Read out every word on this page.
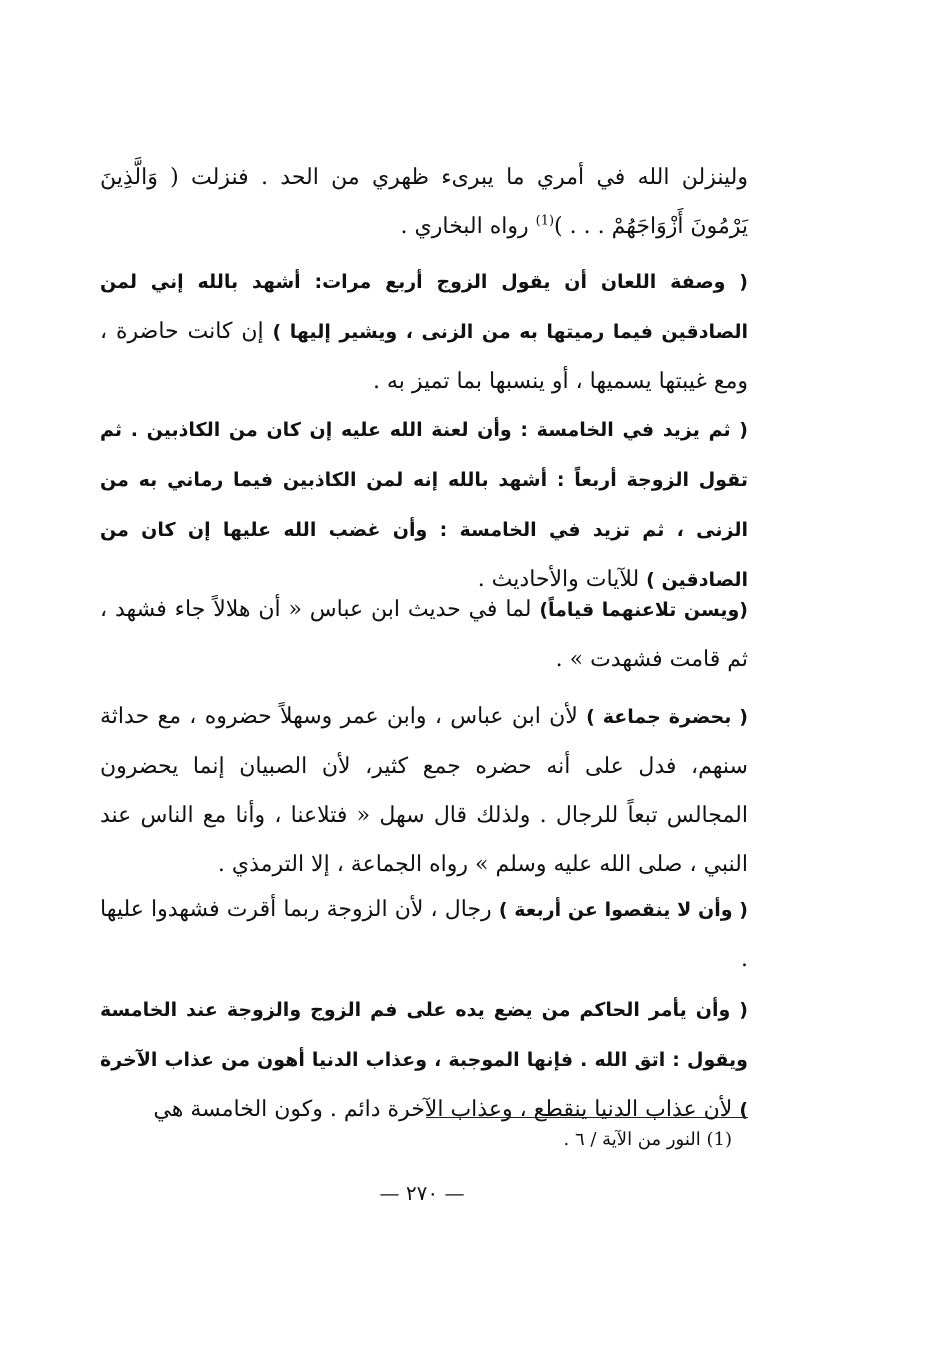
ولينزلن الله في أمري ما يبرىء ظهري من الحد . فنزلت ( وَالَّذِينَ يَرْمُونَ أَزْوَاجَهُمْ . . . )$^{(1)}$ رواه البخاري .
( وصفة اللعان أن يقول الزوج أربع مرات: أشهد بالله إني لمن الصادقين فيما رميتها به من الزنى ، ويشير إليها ) إن كانت حاضرة ، ومع غيبتها يسميها ، أو ينسبها بما تميز به .
( ثم يزيد في الخامسة : وأن لعنة الله عليه إن كان من الكاذبين . ثم تقول الزوجة أربعاً : أشهد بالله إنه لمن الكاذبين فيما رماني به من الزنى ، ثم تزيد في الخامسة : وأن غضب الله عليها إن كان من الصادقين ) للآيات والأحاديث .
(ويسن تلاعنهما قياماً) لما في حديث ابن عباس « أن هلالاً جاء فشهد ، ثم قامت فشهدت » .
( بحضرة جماعة ) لأن ابن عباس ، وابن عمر وسهلاً حضروه ، مع حداثة سنهم، فدل على أنه حضره جمع كثير، لأن الصبيان إنما يحضرون المجالس تبعاً للرجال . ولذلك قال سهل « فتلاعنا ، وأنا مع الناس عند النبي ، صلى الله عليه وسلم » رواه الجماعة ، إلا الترمذي .
( وأن لا ينقصوا عن أربعة ) رجال ، لأن الزوجة ربما أقرت فشهدوا عليها .
( وأن يأمر الحاكم من يضع يده على فم الزوج والزوجة عند الخامسة ويقول : اتق الله . فإنها الموجبة ، وعذاب الدنيا أهون من عذاب الآخرة ) لأن عذاب الدنيا ينقطع ، وعذاب الآخرة دائم . وكون الخامسة هي
(1) النور من الآية / ٦ .
— ٢٧٠ —
